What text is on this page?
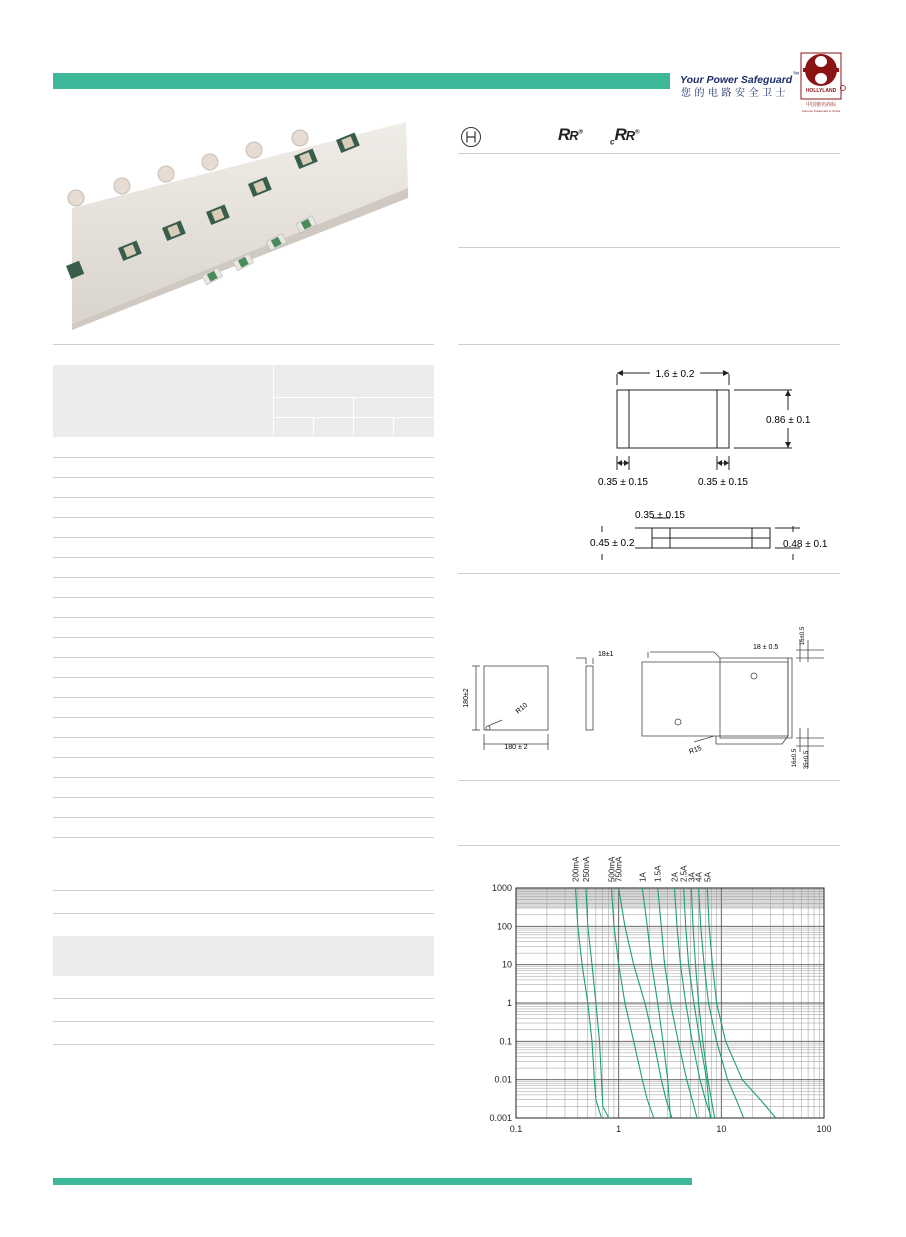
Your Power Safeguard™
您的电路安全卫士	HOLLYLAND
中国驰名商标
Famous Trademark in China
RR®
$_c$RR®
1.6 ± 0.2
0.86 ± 0.1
0.35 ± 0.15	0.35 ± 0.15
0.35 ± 0.15
0.45 ± 0.2	0.48 ± 0.1
180±2
180 ± 2
R10
18±1
18 ± 0.5
16±0.5
16±0.5 35±0.5
R15
0.1	1	10	100
1000
100
10
1
0.1
0.01
0.001
200mA 250mA 500mA
750mA 1A 1.5A 2A 2.5A
3A
4A 5A
